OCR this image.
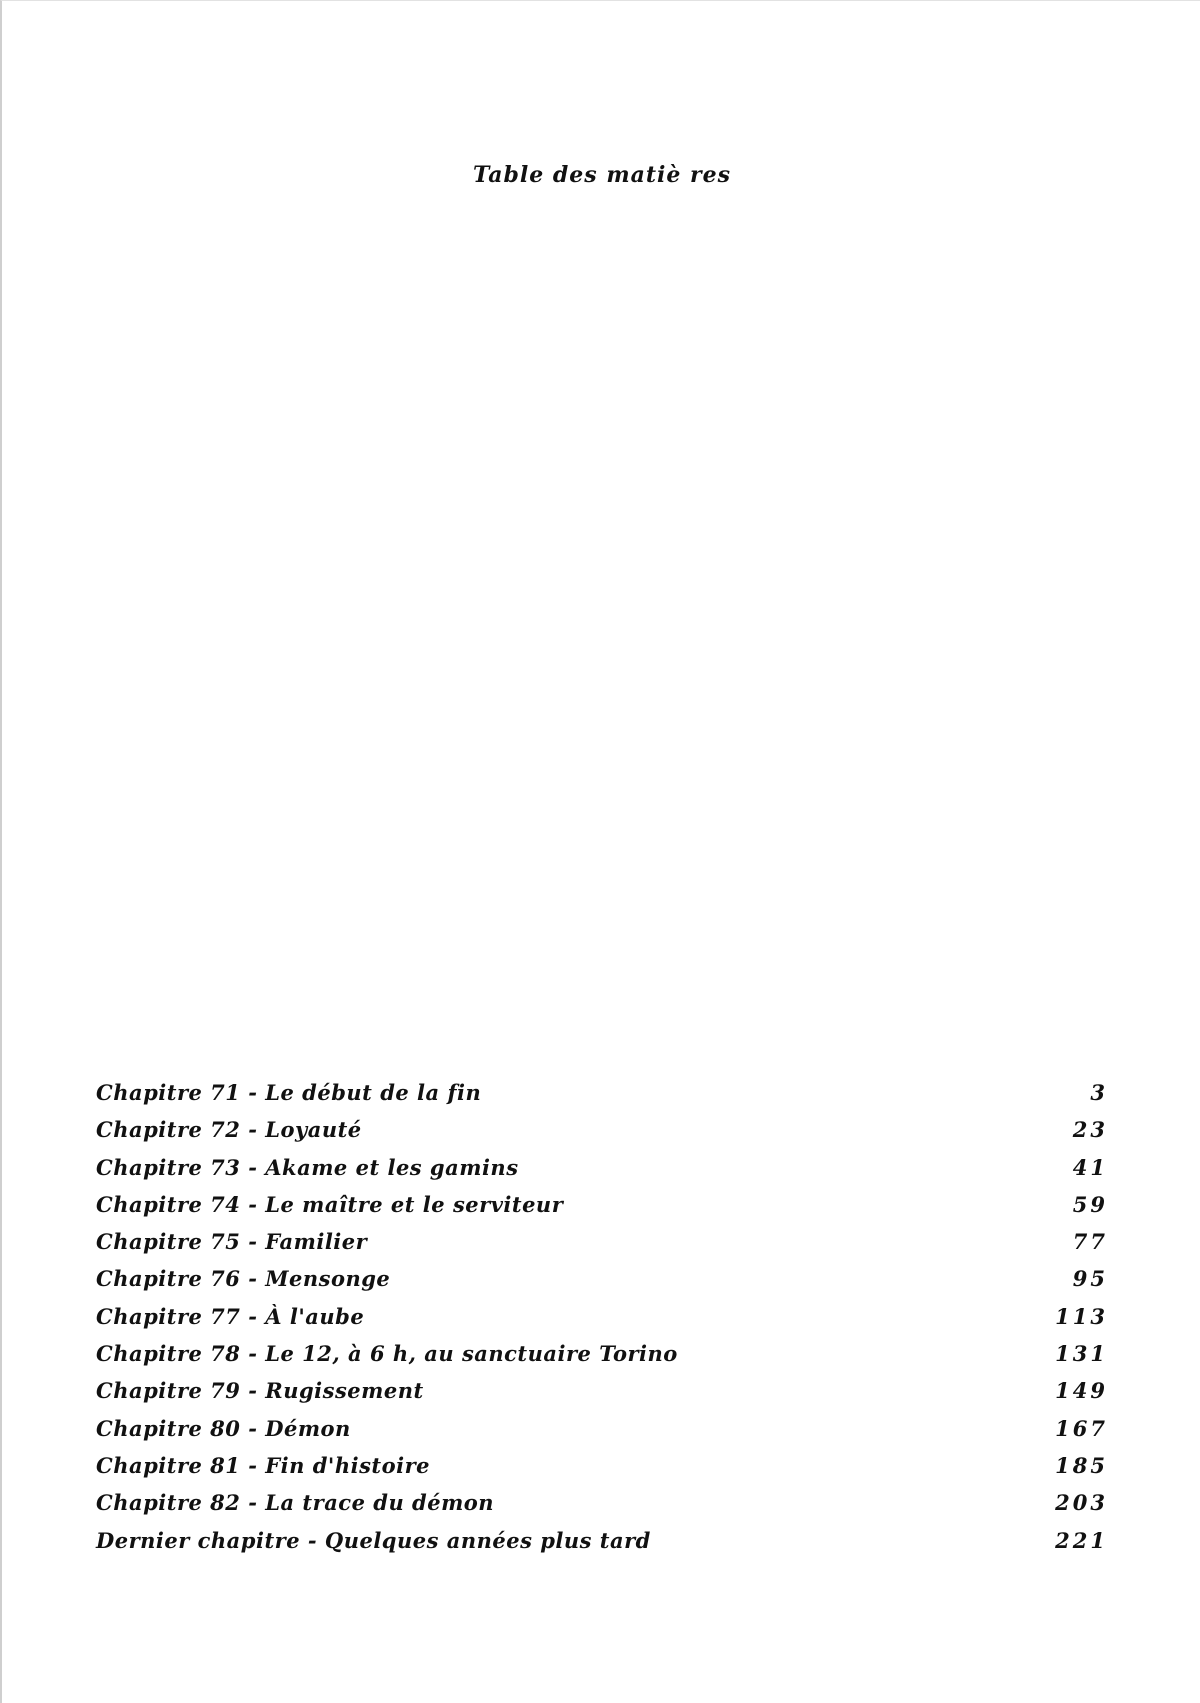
Table des matiè res
Chapitre 71 - Le début de la fin	3
Chapitre 72 - Loyauté	23
Chapitre 73 - Akame et les gamins	41
Chapitre 74 - Le maître et le serviteur	59
Chapitre 75 - Familier	77
Chapitre 76 - Mensonge	95
Chapitre 77 - À l'aube	113
Chapitre 78 - Le 12, à 6 h, au sanctuaire Torino	131
Chapitre 79 - Rugissement	149
Chapitre 80 - Démon	167
Chapitre 81 - Fin d'histoire	185
Chapitre 82 - La trace du démon	203
Dernier chapitre - Quelques années plus tard	221
